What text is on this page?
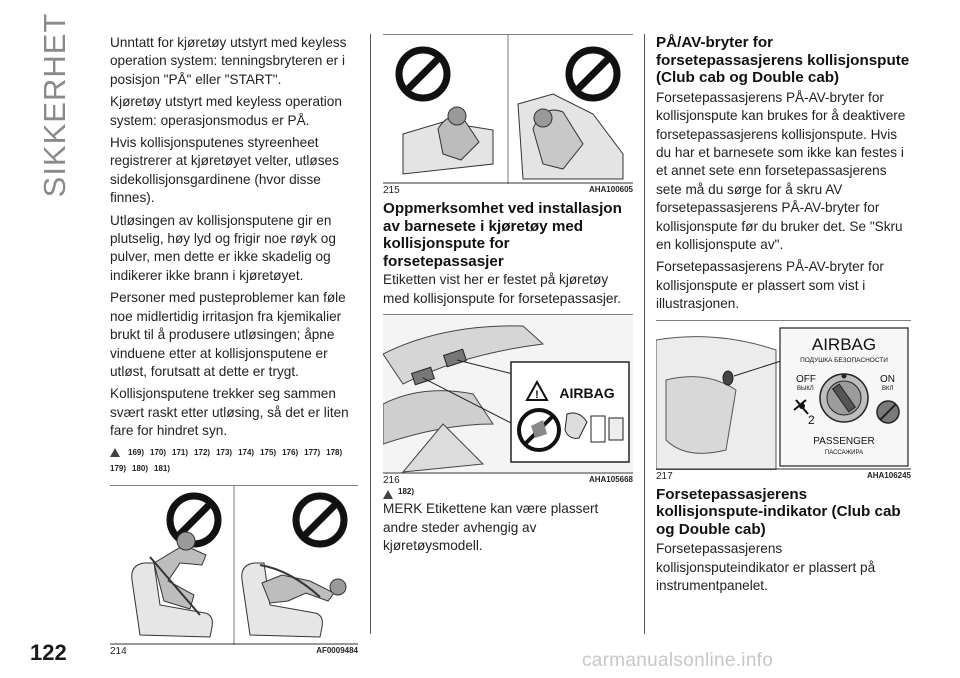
SIKKERHET	Unntatt for kjøretøy utstyrt med keyless operation system: tenningsbryteren er i posisjon "PÅ" eller "START".

Kjøretøy utstyrt med keyless operation system: operasjonsmodus er PÅ.

Hvis kollisjonsputenes styreenheet registrerer at kjøretøyet velter, utløses sidekollisjonsgardinene (hvor disse finnes).

Utløsingen av kollisjonsputene gir en plutselig, høy lyd og frigir noe røyk og pulver, men dette er ikke skadelig og indikerer ikke brann i kjøretøyet.

Personer med pusteproblemer kan føle noe midlertidig irritasjon fra kjemikalier brukt til å produsere utløsingen; åpne vinduene etter at kollisjonsputene er utløst, forutsatt at dette er trygt.

Kollisjonsputene trekker seg sammen svært raskt etter utløsing, så det er liten fare for hindret syn.

169) 170) 171) 172) 173) 174) 175) 176) 177) 178)
179) 180) 181)
214	AF0009484
215	AHA100605
Oppmerksomhet ved installasjon av barnesete i kjøretøy med kollisjonspute for forsetepassasjer

Etiketten vist her er festet på kjøretøy med kollisjonspute for forsetepassasjer.

! AIRBAG
216	AHA105668
182)

MERK Etikettene kan være plassert andre steder avhengig av kjøretøysmodell.

PÅ/AV-bryter for forsetepassasjerens kollisjonspute (Club cab og Double cab)

Forsetepassasjerens PÅ-AV-bryter for kollisjonspute kan brukes for å deaktivere forsetepassasjerens kollisjonspute. Hvis du har et barnesete som ikke kan festes i et annet sete enn forsetepassasjerens sete må du sørge for å skru AV forsetepassasjerens PÅ-AV-bryter for kollisjonspute før du bruker det. Se "Skru en kollisjonspute av".

Forsetepassasjerens PÅ-AV-bryter for kollisjonspute er plassert som vist i illustrasjonen.

AIRBAG
ПОДУШКА БЕЗОПАСНОСТИ
OFF
ВЫКЛ
ON
ВКЛ
2
PASSENGER
ПАССАЖИРА
217	AHA106245
Forsetepassasjerens kollisjonspute-indikator (Club cab og Double cab)

Forsetepassasjerens kollisjonsputeindikator er plassert på instrumentpanelet.

122	carmanualsonline.info
